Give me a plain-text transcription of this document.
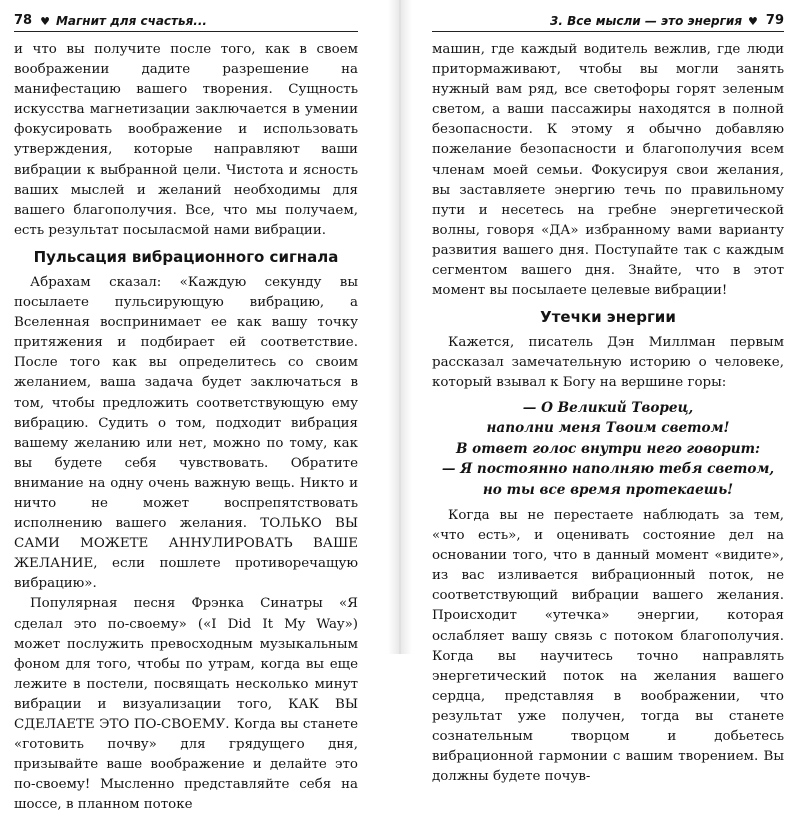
78 ♥ Магнит для счастья...

и что вы получите после того, как в своем воображении дадите разрешение на манифестацию вашего творения. Сущность искусства магнетизации заключается в умении фокусировать воображение и использовать утверждения, которые направляют ваши вибрации к выбранной цели. Чистота и ясность ваших мыслей и желаний необходимы для вашего благополучия. Все, что мы получаем, есть результат посыласмой нами вибрации.

Пульсация вибрационного сигнала

Абрахам сказал: «Каждую секунду вы посылаете пульсирующую вибрацию, а Вселенная воспринимает ее как вашу точку притяжения и подбирает ей соответствие. После того как вы определитесь со своим желанием, ваша задача будет заключаться в том, чтобы предложить соответствующую ему вибрацию. Судить о том, подходит вибрация вашему желанию или нет, можно по тому, как вы будете себя чувствовать. Обратите внимание на одну очень важную вещь. Никто и ничто не может воспрепятствовать исполнению вашего желания. ТОЛЬКО ВЫ САМИ МОЖЕТЕ АННУЛИРОВАТЬ ВАШЕ ЖЕЛАНИЕ, если пошлете противоречащую вибрацию».

Популярная песня Фрэнка Синатры «Я сделал это по-своему» («I Did It My Way») может послужить превосходным музыкальным фоном для того, чтобы по утрам, когда вы еще лежите в постели, посвящать несколько минут вибрации и визуализации того, КАК ВЫ СДЕЛАЕТЕ ЭТО ПО-СВОЕМУ. Когда вы станете «готовить почву» для грядущего дня, призывайте ваше воображение и делайте это по-своему! Мысленно представляйте себя на шоссе, в планном потоке

3. Все мысли — это энергия ♥ 79

машин, где каждый водитель вежлив, где люди притормаживают, чтобы вы могли занять нужный вам ряд, все светофоры горят зеленым светом, а ваши пассажиры находятся в полной безопасности. К этому я обычно добавляю пожелание безопасности и благополучия всем членам моей семьи. Фокусируя свои желания, вы заставляете энергию течь по правильному пути и несетесь на гребне энергетической волны, говоря «ДА» избранному вами варианту развития вашего дня. Поступайте так с каждым сегментом вашего дня. Знайте, что в этот момент вы посылаете целевые вибрации!

Утечки энергии

Кажется, писатель Дэн Миллман первым рассказал замечательную историю о человеке, который взывал к Богу на вершине горы:

— О Великий Творец,
наполни меня Твоим светом!
В ответ голос внутри него говорит:
— Я постоянно наполняю тебя светом,
но ты все время протекаешь!

Когда вы не перестаете наблюдать за тем, «что есть», и оценивать состояние дел на основании того, что в данный момент «видите», из вас изливается вибрационный поток, не соответствующий вибрации вашего желания. Происходит «утечка» энергии, которая ослабляет вашу связь с потоком благополучия. Когда вы научитесь точно направлять энергетический поток на желания вашего сердца, представляя в воображении, что результат уже получен, тогда вы станете сознательным творцом и добьетесь вибрационной гармонии с вашим творением. Вы должны будете почув-
